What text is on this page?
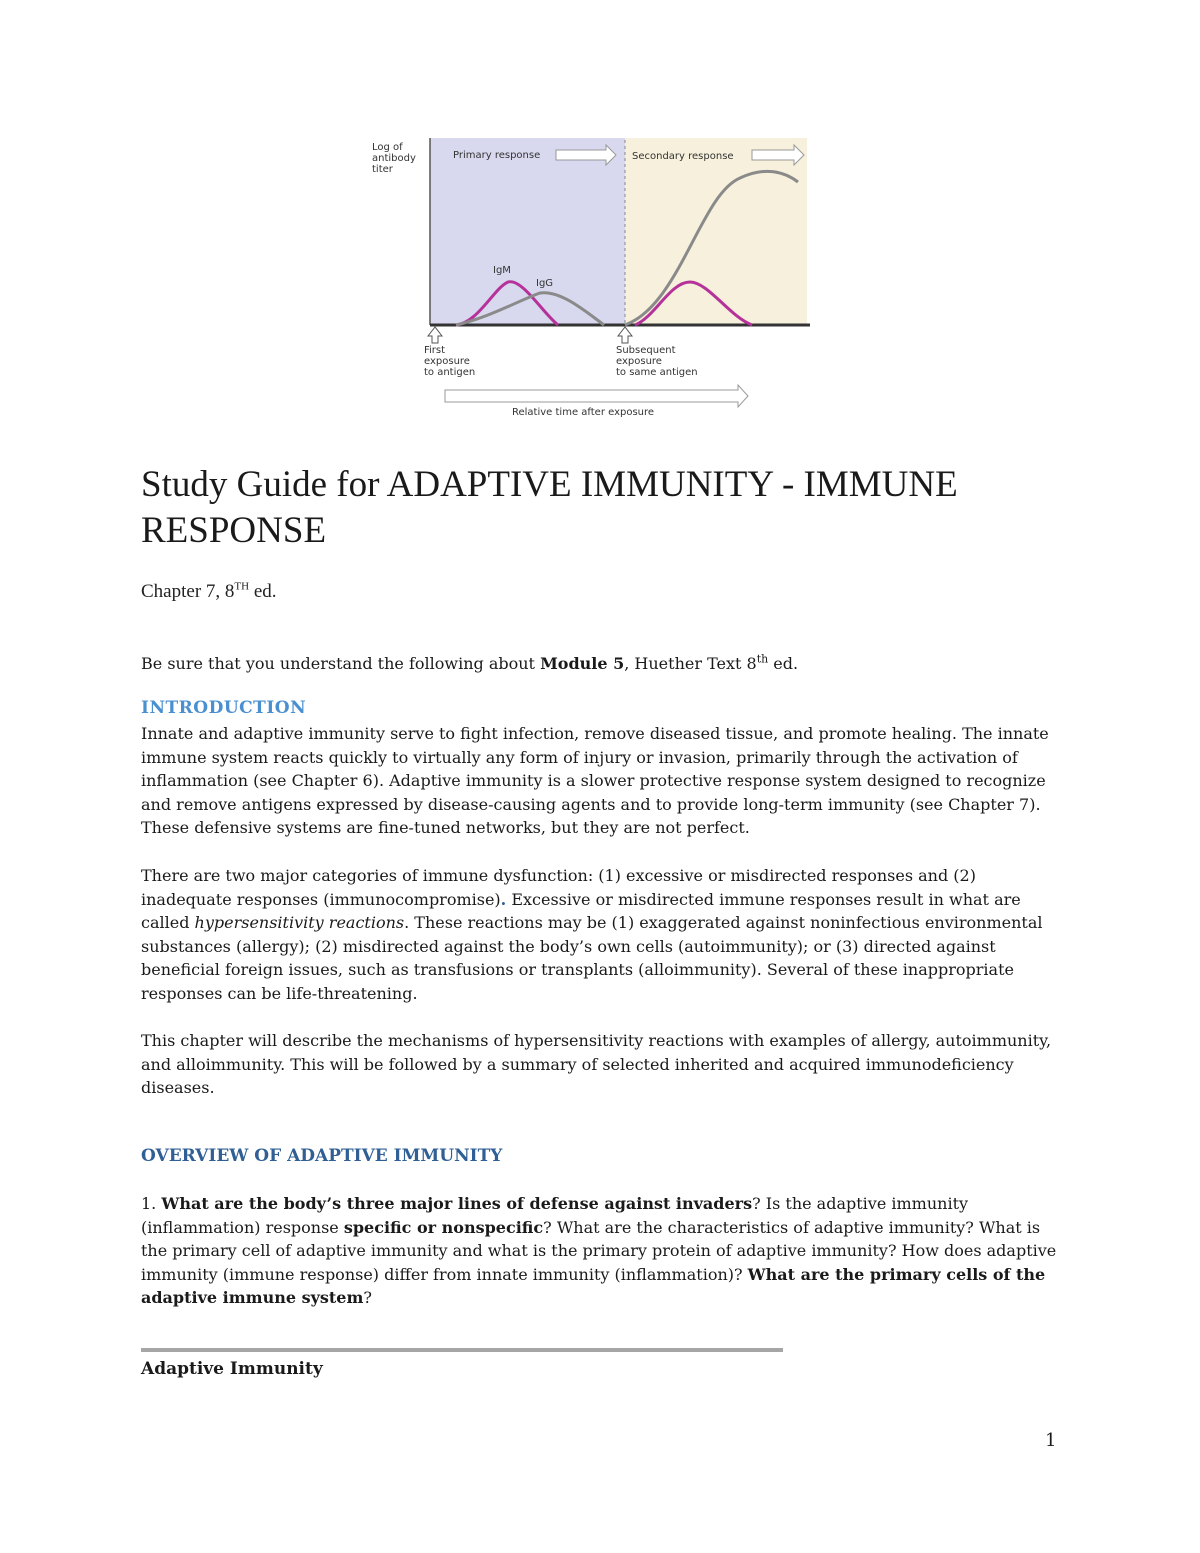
Log of
antibody
titer
Primary response	Secondary response
IgM
IgG
First
exposure
to antigen
Subsequent
exposure
to same antigen
Relative time after exposure
Study Guide for ADAPTIVE IMMUNITY - IMMUNE RESPONSE

Chapter 7, 8TH ed.

Be sure that you understand the following about Module 5, Huether Text 8th ed.

INTRODUCTION

Innate and adaptive immunity serve to fight infection, remove diseased tissue, and promote healing. The innate immune system reacts quickly to virtually any form of injury or invasion, primarily through the activation of inflammation (see Chapter 6). Adaptive immunity is a slower protective response system designed to recognize and remove antigens expressed by disease-causing agents and to provide long-term immunity (see Chapter 7). These defensive systems are fine-tuned networks, but they are not perfect.

There are two major categories of immune dysfunction: (1) excessive or misdirected responses and (2) inadequate responses (immunocompromise). Excessive or misdirected immune responses result in what are called hypersensitivity reactions. These reactions may be (1) exaggerated against noninfectious environmental substances (allergy); (2) misdirected against the body’s own cells (autoimmunity); or (3) directed against beneficial foreign issues, such as transfusions or transplants (alloimmunity). Several of these inappropriate responses can be life-threatening.

This chapter will describe the mechanisms of hypersensitivity reactions with examples of allergy, autoimmunity, and alloimmunity. This will be followed by a summary of selected inherited and acquired immunodeficiency diseases.

OVERVIEW OF ADAPTIVE IMMUNITY

1. What are the body’s three major lines of defense against invaders? Is the adaptive immunity (inflammation) response specific or nonspecific? What are the characteristics of adaptive immunity? What is the primary cell of adaptive immunity and what is the primary protein of adaptive immunity? How does adaptive immunity (immune response) differ from innate immunity (inflammation)? What are the primary cells of the adaptive immune system?

Adaptive Immunity
1
